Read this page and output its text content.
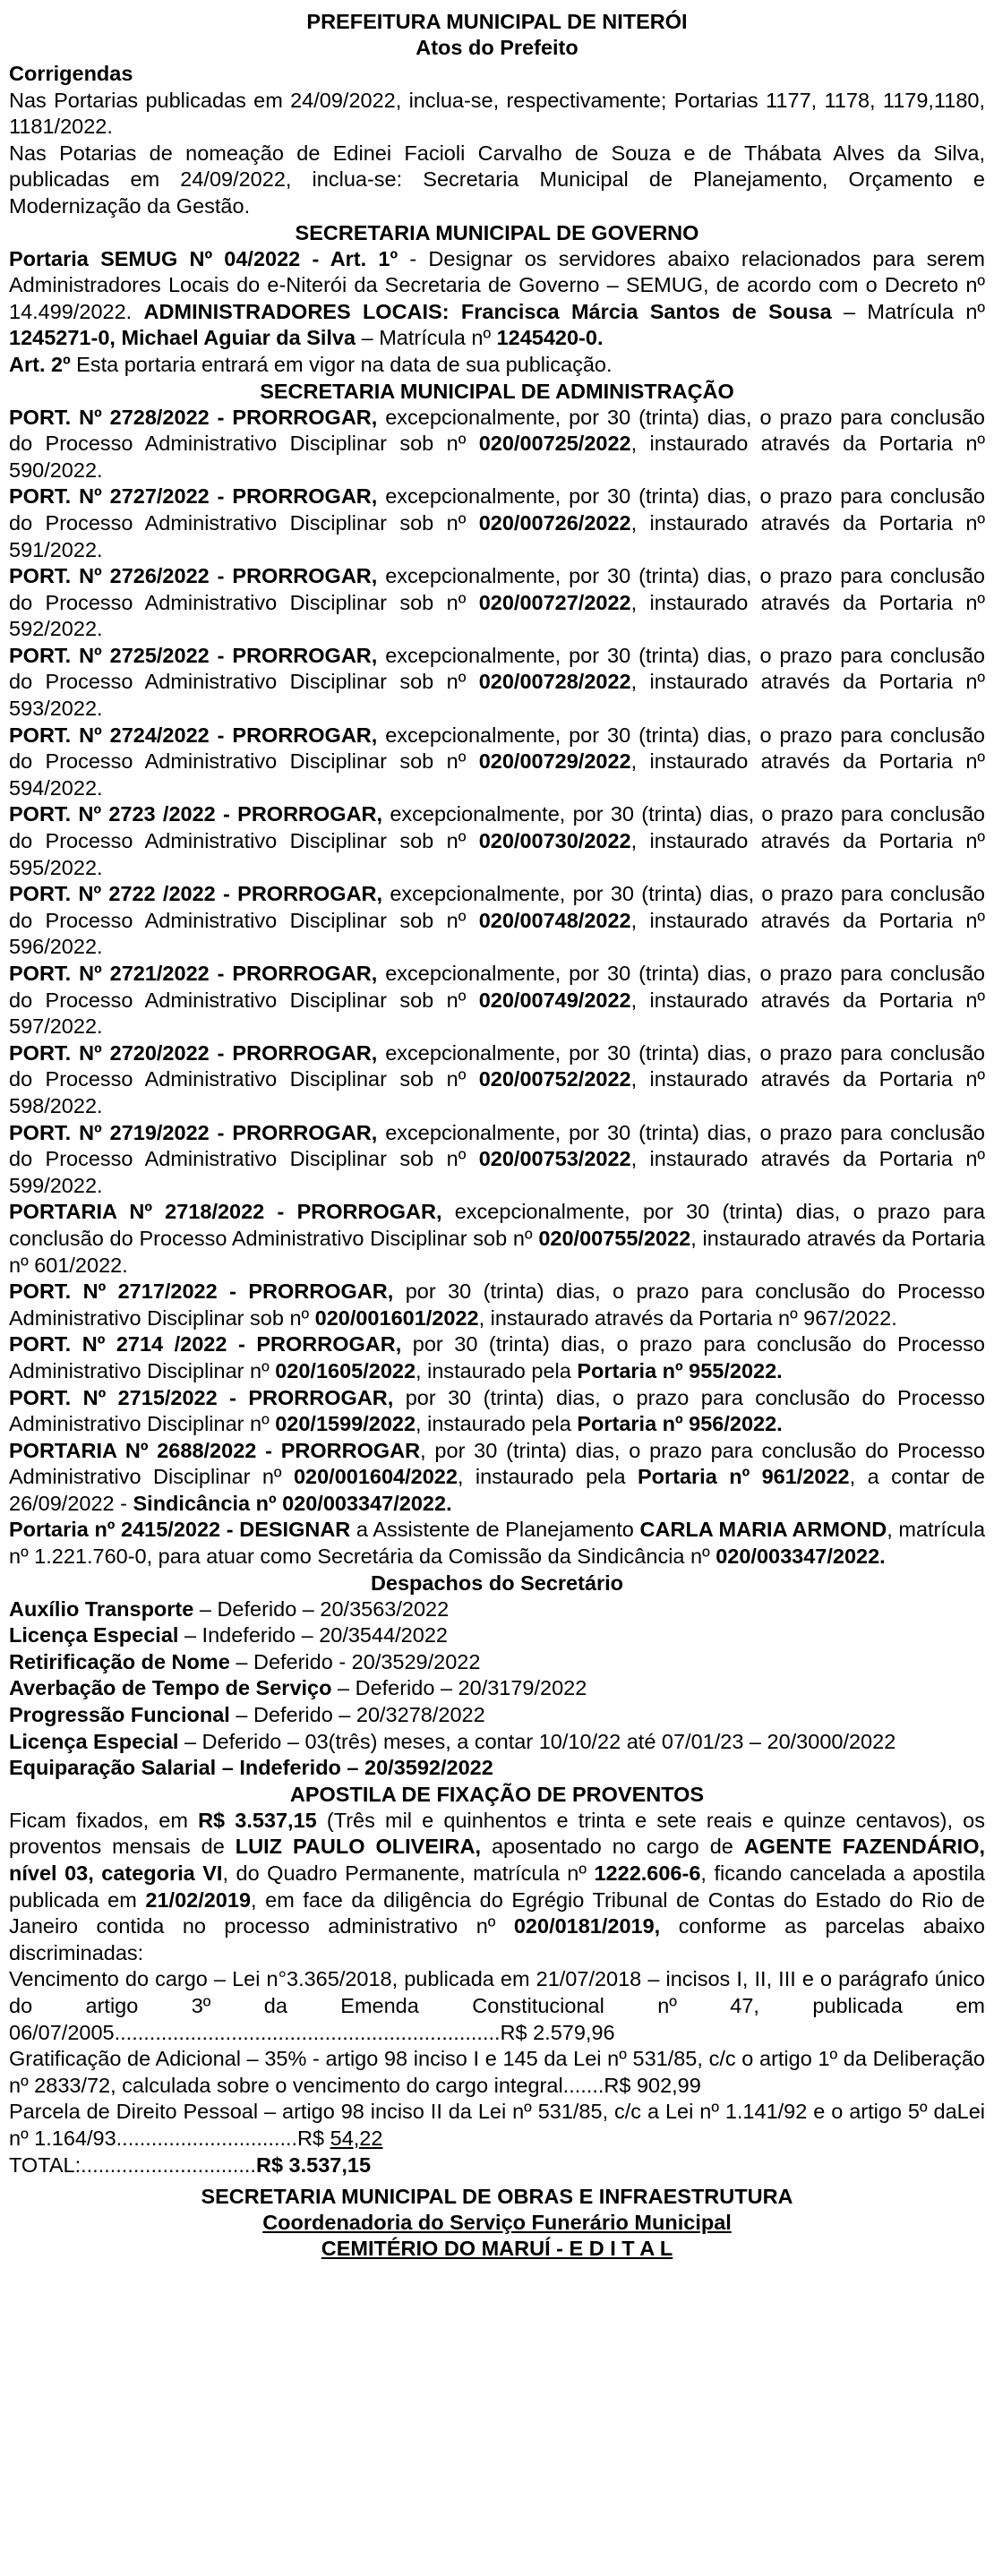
PREFEITURA MUNICIPAL DE NITERÓI
Atos do Prefeito

Corrigendas

Nas Portarias publicadas em 24/09/2022, inclua-se, respectivamente; Portarias 1177, 1178, 1179,1180, 1181/2022.

Nas Potarias de nomeação de Edinei Facioli Carvalho de Souza e de Thábata Alves da Silva, publicadas em 24/09/2022, inclua-se: Secretaria Municipal de Planejamento, Orçamento e Modernização da Gestão.

SECRETARIA MUNICIPAL DE GOVERNO

Portaria SEMUG Nº 04/2022 - Art. 1º - Designar os servidores abaixo relacionados para serem Administradores Locais do e-Niterói da Secretaria de Governo – SEMUG, de acordo com o Decreto nº 14.499/2022. ADMINISTRADORES LOCAIS: Francisca Márcia Santos de Sousa – Matrícula nº 1245271-0, Michael Aguiar da Silva – Matrícula nº 1245420-0.

Art. 2º Esta portaria entrará em vigor na data de sua publicação.

SECRETARIA MUNICIPAL DE ADMINISTRAÇÃO

PORT. Nº 2728/2022 - PRORROGAR, excepcionalmente, por 30 (trinta) dias, o prazo para conclusão do Processo Administrativo Disciplinar sob nº 020/00725/2022, instaurado através da Portaria nº 590/2022.

PORT. Nº 2727/2022 - PRORROGAR, excepcionalmente, por 30 (trinta) dias, o prazo para conclusão do Processo Administrativo Disciplinar sob nº 020/00726/2022, instaurado através da Portaria nº 591/2022.

PORT. Nº 2726/2022 - PRORROGAR, excepcionalmente, por 30 (trinta) dias, o prazo para conclusão do Processo Administrativo Disciplinar sob nº 020/00727/2022, instaurado através da Portaria nº 592/2022.

PORT. Nº 2725/2022 - PRORROGAR, excepcionalmente, por 30 (trinta) dias, o prazo para conclusão do Processo Administrativo Disciplinar sob nº 020/00728/2022, instaurado através da Portaria nº 593/2022.

PORT. Nº 2724/2022 - PRORROGAR, excepcionalmente, por 30 (trinta) dias, o prazo para conclusão do Processo Administrativo Disciplinar sob nº 020/00729/2022, instaurado através da Portaria nº 594/2022.

PORT. Nº 2723 /2022 - PRORROGAR, excepcionalmente, por 30 (trinta) dias, o prazo para conclusão do Processo Administrativo Disciplinar sob nº 020/00730/2022, instaurado através da Portaria nº 595/2022.

PORT. Nº 2722 /2022 - PRORROGAR, excepcionalmente, por 30 (trinta) dias, o prazo para conclusão do Processo Administrativo Disciplinar sob nº 020/00748/2022, instaurado através da Portaria nº 596/2022.

PORT. Nº 2721/2022 - PRORROGAR, excepcionalmente, por 30 (trinta) dias, o prazo para conclusão do Processo Administrativo Disciplinar sob nº 020/00749/2022, instaurado através da Portaria nº 597/2022.

PORT. Nº 2720/2022 - PRORROGAR, excepcionalmente, por 30 (trinta) dias, o prazo para conclusão do Processo Administrativo Disciplinar sob nº 020/00752/2022, instaurado através da Portaria nº 598/2022.

PORT. Nº 2719/2022 - PRORROGAR, excepcionalmente, por 30 (trinta) dias, o prazo para conclusão do Processo Administrativo Disciplinar sob nº 020/00753/2022, instaurado através da Portaria nº 599/2022.

PORTARIA Nº 2718/2022 - PRORROGAR, excepcionalmente, por 30 (trinta) dias, o prazo para conclusão do Processo Administrativo Disciplinar sob nº 020/00755/2022, instaurado através da Portaria nº 601/2022.

PORT. Nº 2717/2022 - PRORROGAR, por 30 (trinta) dias, o prazo para conclusão do Processo Administrativo Disciplinar sob nº 020/001601/2022, instaurado através da Portaria nº 967/2022.

PORT. Nº 2714 /2022 - PRORROGAR, por 30 (trinta) dias, o prazo para conclusão do Processo Administrativo Disciplinar nº 020/1605/2022, instaurado pela Portaria nº 955/2022.

PORT. Nº 2715/2022 - PRORROGAR, por 30 (trinta) dias, o prazo para conclusão do Processo Administrativo Disciplinar nº 020/1599/2022, instaurado pela Portaria nº 956/2022.

PORTARIA Nº 2688/2022 - PRORROGAR, por 30 (trinta) dias, o prazo para conclusão do Processo Administrativo Disciplinar nº 020/001604/2022, instaurado pela Portaria nº 961/2022, a contar de 26/09/2022 - Sindicância nº 020/003347/2022.

Portaria nº 2415/2022 - DESIGNAR a Assistente de Planejamento CARLA MARIA ARMOND, matrícula nº 1.221.760-0, para atuar como Secretária da Comissão da Sindicância nº 020/003347/2022.

Despachos do Secretário

Auxílio Transporte – Deferido – 20/3563/2022

Licença Especial – Indeferido – 20/3544/2022

Retirificação de Nome – Deferido - 20/3529/2022

Averbação de Tempo de Serviço – Deferido – 20/3179/2022

Progressão Funcional – Deferido – 20/3278/2022

Licença Especial – Deferido – 03(três) meses, a contar 10/10/22 até 07/01/23 – 20/3000/2022

Equiparação Salarial – Indeferido – 20/3592/2022

APOSTILA DE FIXAÇÃO DE PROVENTOS

Ficam fixados, em R$ 3.537,15 (Três mil e quinhentos e trinta e sete reais e quinze centavos), os proventos mensais de LUIZ PAULO OLIVEIRA, aposentado no cargo de AGENTE FAZENDÁRIO, nível 03, categoria VI, do Quadro Permanente, matrícula nº 1222.606-6, ficando cancelada a apostila publicada em 21/02/2019, em face da diligência do Egrégio Tribunal de Contas do Estado do Rio de Janeiro contida no processo administrativo nº 020/0181/2019, conforme as parcelas abaixo discriminadas:

Vencimento do cargo – Lei n°3.365/2018, publicada em 21/07/2018 – incisos I, II, III e o parágrafo único do artigo 3º da Emenda Constitucional nº 47, publicada em 06/07/2005..................................................................R$ 2.579,96

Gratificação de Adicional – 35% - artigo 98 inciso I e 145 da Lei nº 531/85, c/c o artigo 1º da Deliberação nº 2833/72, calculada sobre o vencimento do cargo integral.......R$ 902,99

Parcela de Direito Pessoal – artigo 98 inciso II da Lei nº 531/85, c/c a Lei nº 1.141/92 e o artigo 5º daLei nº 1.164/93...............................R$ 54,22

TOTAL:..............................R$ 3.537,15

SECRETARIA MUNICIPAL DE OBRAS E INFRAESTRUTURA
Coordenadoria do Serviço Funerário Municipal
CEMITÉRIO DO MARUÍ - E D I T A L
